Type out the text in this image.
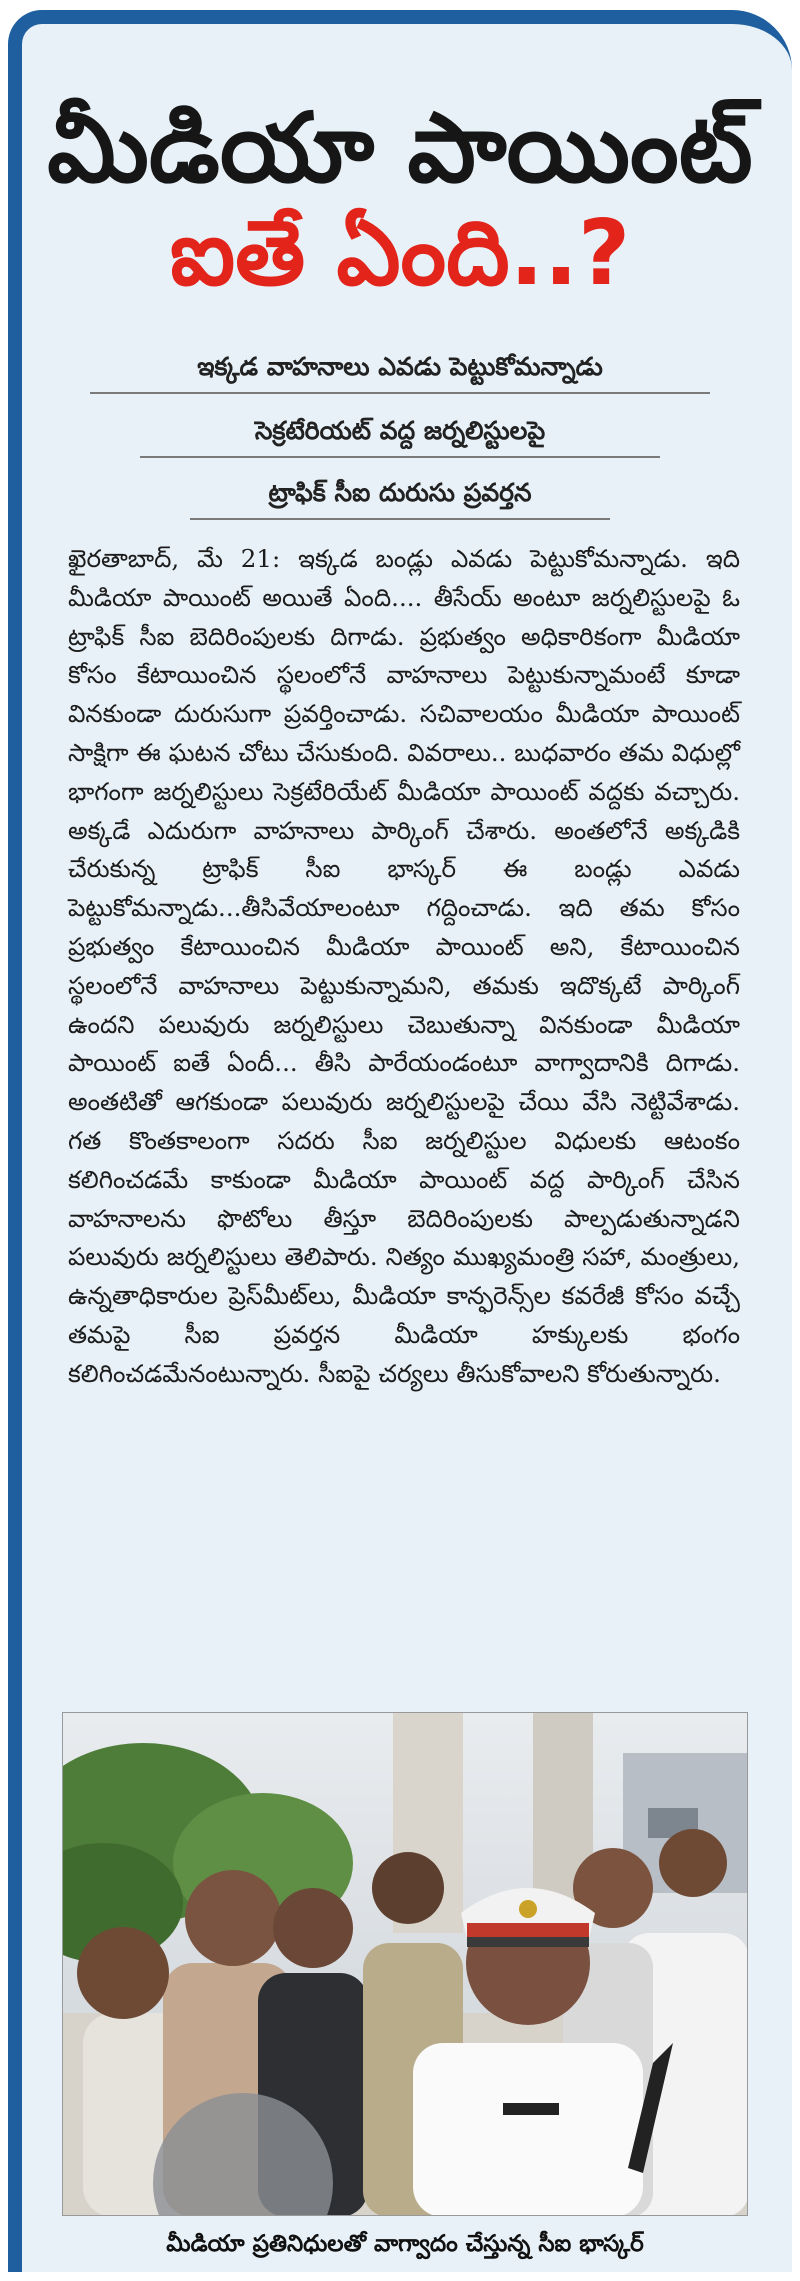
మీడియా పాయింట్
ఐతే ఏంది..?
ఇక్కడ వాహనాలు ఎవడు పెట్టుకోమన్నాడు
సెక్రటేరియట్ వద్ద జర్నలిస్టులపై
ట్రాఫిక్ సీఐ దురుసు ప్రవర్తన

ఖైరతాబాద్, మే 21: ఇక్కడ బండ్లు ఎవడు పెట్టుకోమన్నాడు. ఇది మీడియా పాయింట్ అయితే ఏంది.... తీసేయ్ అంటూ జర్నలిస్టులపై ఓ ట్రాఫిక్ సీఐ బెదిరింపులకు దిగాడు. ప్రభుత్వం అధికారికంగా మీడియా కోసం కేటాయించిన స్థలంలోనే వాహనాలు పెట్టుకున్నామంటే కూడా వినకుండా దురుసుగా ప్రవర్తించాడు. సచివాలయం మీడియా పాయింట్ సాక్షిగా ఈ ఘటన చోటు చేసుకుంది. వివరాలు.. బుధవారం తమ విధుల్లో భాగంగా జర్నలిస్టులు సెక్రటేరియేట్ మీడియా పాయింట్ వద్దకు వచ్చారు. అక్కడే ఎదురుగా వాహనాలు పార్కింగ్ చేశారు. అంతలోనే అక్కడికి చేరుకున్న ట్రాఫిక్ సీఐ భాస్కర్ ఈ బండ్లు ఎవడు పెట్టుకోమన్నాడు...తీసివేయాలంటూ గద్దించాడు. ఇది తమ కోసం ప్రభుత్వం కేటాయించిన మీడియా పాయింట్ అని, కేటాయించిన స్థలంలోనే వాహనాలు పెట్టుకున్నామని, తమకు ఇదొక్కటే పార్కింగ్ ఉందని పలువురు జర్నలిస్టులు చెబుతున్నా వినకుండా మీడియా పాయింట్ ఐతే ఏందీ... తీసి పారేయండంటూ వాగ్వాదానికి దిగాడు. అంతటితో ఆగకుండా పలువురు జర్నలిస్టులపై చేయి వేసి నెట్టివేశాడు. గత కొంతకాలంగా సదరు సీఐ జర్నలిస్టుల విధులకు ఆటంకం కలిగించడమే కాకుండా మీడియా పాయింట్ వద్ద పార్కింగ్ చేసిన వాహనాలను ఫొటోలు తీస్తూ బెదిరింపులకు పాల్పడుతున్నాడని పలువురు జర్నలిస్టులు తెలిపారు. నిత్యం ముఖ్యమంత్రి సహా, మంత్రులు, ఉన్నతాధికారుల ప్రెస్‌మీట్‌లు, మీడియా కాన్ఫరెన్స్‌ల కవరేజీ కోసం వచ్చే తమపై సీఐ ప్రవర్తన మీడియా హక్కులకు భంగం కలిగించడమేనంటున్నారు. సీఐపై చర్యలు తీసుకోవాలని కోరుతున్నారు.

మీడియా ప్రతినిధులతో వాగ్వాదం చేస్తున్న సీఐ భాస్కర్
